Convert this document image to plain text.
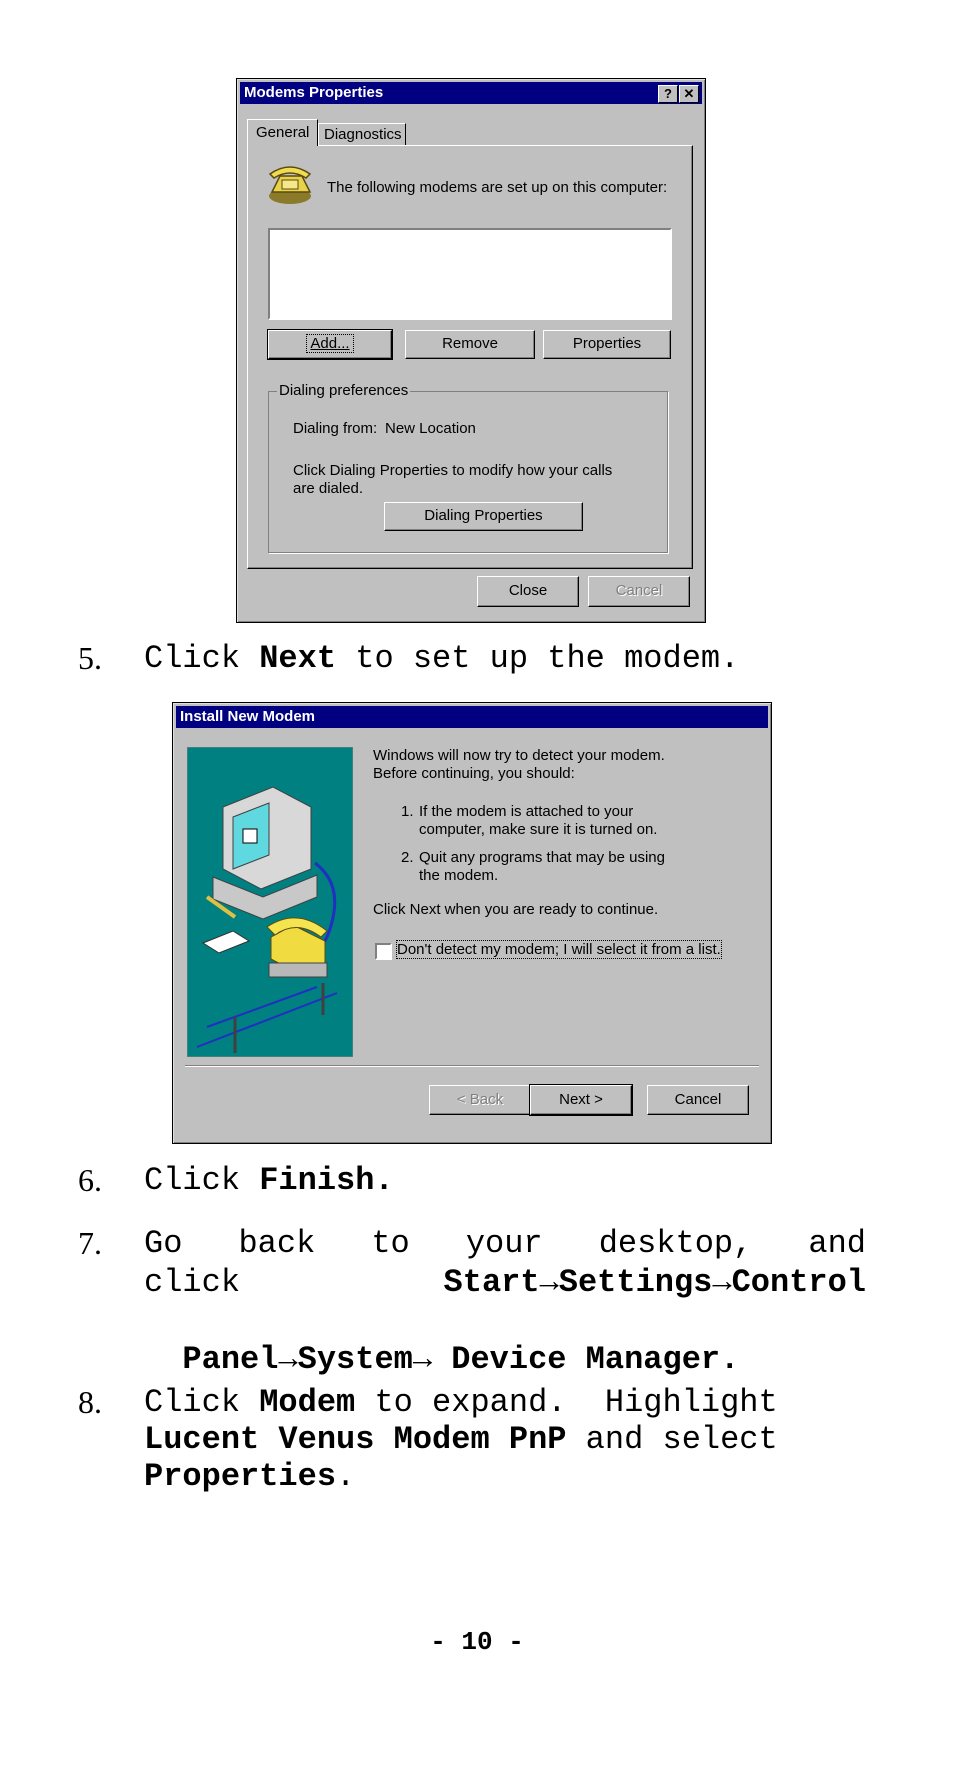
Modems Properties	? ✕
General Diagnostics
The following modems are set up on this computer:
Add...	Remove	Properties
Dialing preferences
Dialing from: New Location
Click Dialing Properties to modify how your calls are dialed.
Dialing Properties
Close	Cancel
5. Click Next to set up the modem.
Install New Modem
Windows will now try to detect your modem. Before continuing, you should:
1. If the modem is attached to your computer, make sure it is turned on.
2. Quit any programs that may be using the modem.
Click Next when you are ready to continue.
Don't detect my modem; I will select it from a list.
< Back	Next >	Cancel
6. Click Finish.
7. Go back to your desktop, and
click	Start→Settings→Control

Panel→System→ Device Manager.

8. Click Modem to expand.  Highlight
Lucent Venus Modem PnP and select
Properties.
- 10 -
